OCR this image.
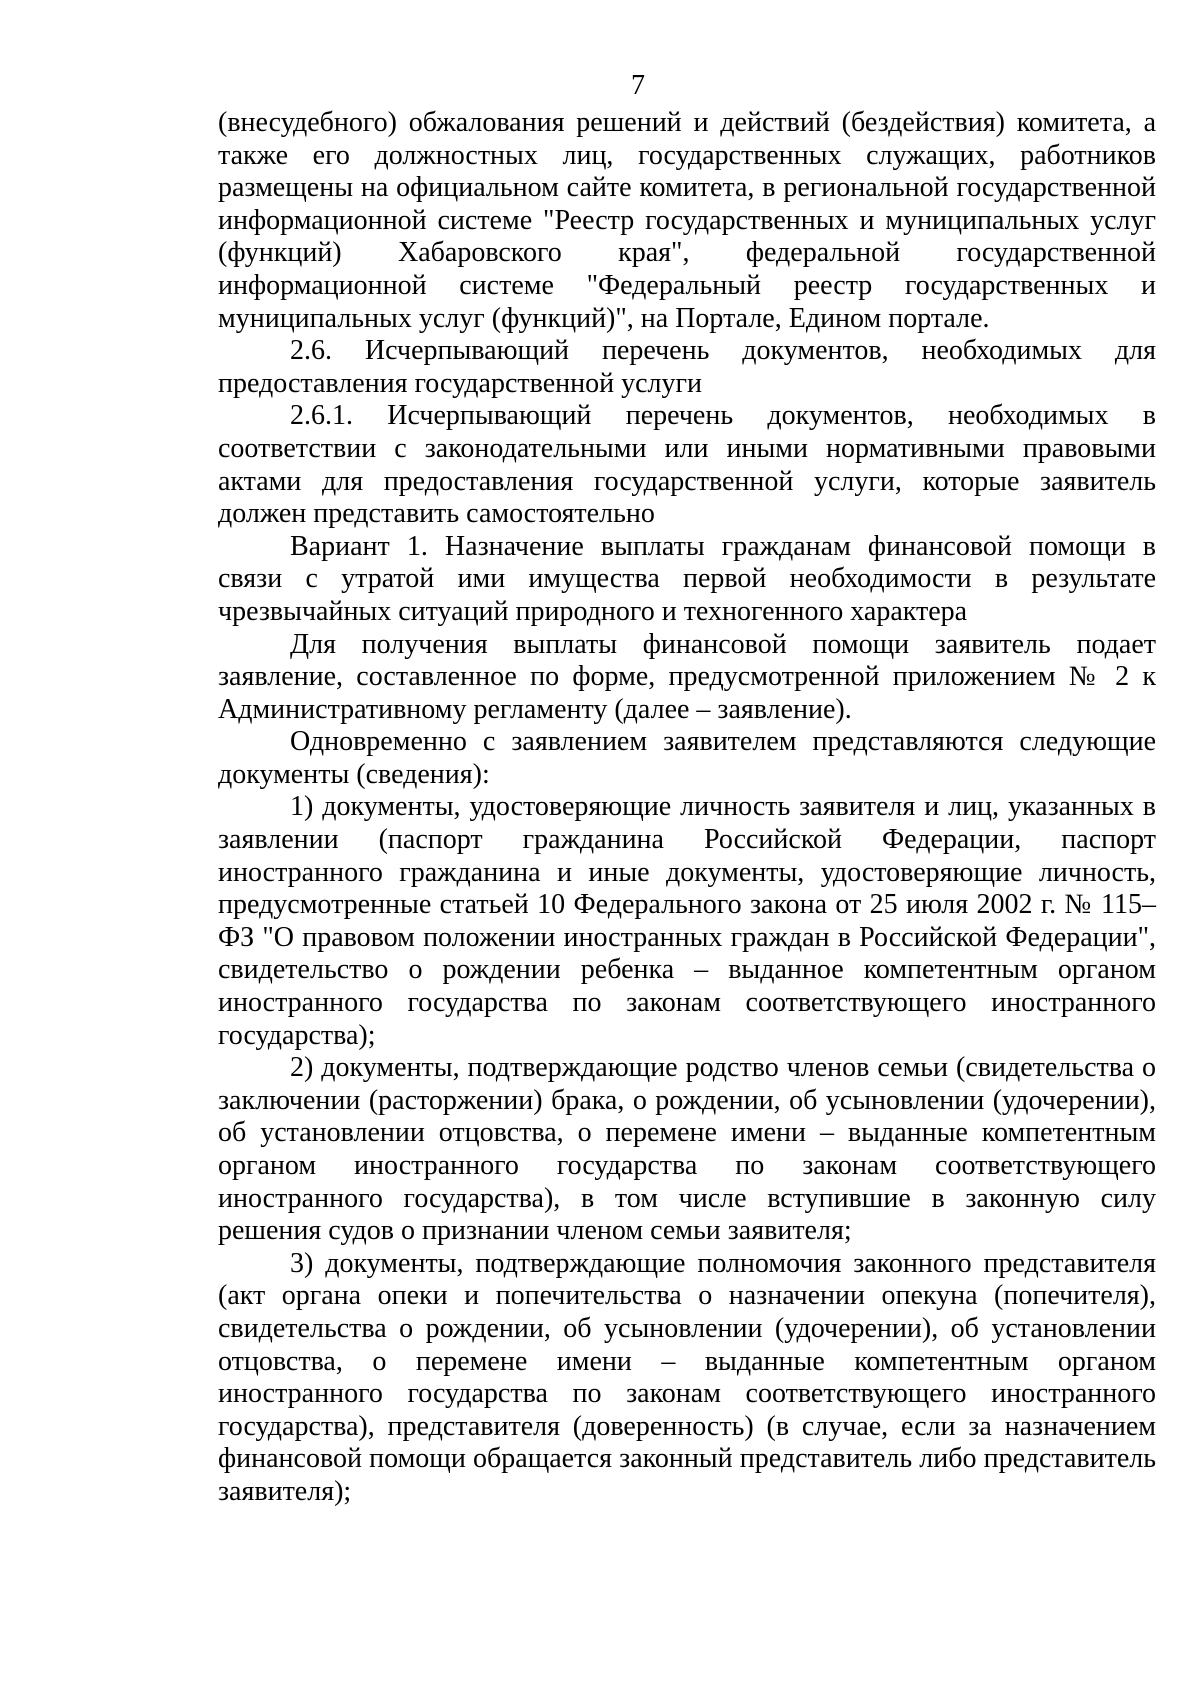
7

(внесудебного) обжалования решений и действий (бездействия) комитета, а также его должностных лиц, государственных служащих, работников размещены на официальном сайте комитета, в региональной государственной информационной системе "Реестр государственных и муниципальных услуг (функций) Хабаровского края", федеральной государственной информационной системе "Федеральный реестр государственных и муниципальных услуг (функций)", на Портале, Едином портале.

2.6. Исчерпывающий перечень документов, необходимых для предоставления государственной услуги

2.6.1. Исчерпывающий перечень документов, необходимых в соответствии с законодательными или иными нормативными правовыми актами для предоставления государственной услуги, которые заявитель должен представить самостоятельно

Вариант 1. Назначение выплаты гражданам финансовой помощи в связи с утратой ими имущества первой необходимости в результате чрезвычайных ситуаций природного и техногенного характера

Для получения выплаты финансовой помощи заявитель подает заявление, составленное по форме, предусмотренной приложением № 2 к Административному регламенту (далее – заявление).

Одновременно с заявлением заявителем представляются следующие документы (сведения):

1) документы, удостоверяющие личность заявителя и лиц, указанных в заявлении (паспорт гражданина Российской Федерации, паспорт иностранного гражданина и иные документы, удостоверяющие личность, предусмотренные статьей 10 Федерального закона от 25 июля 2002 г. № 115–ФЗ "О правовом положении иностранных граждан в Российской Федерации", свидетельство о рождении ребенка – выданное компетентным органом иностранного государства по законам соответствующего иностранного государства);

2) документы, подтверждающие родство членов семьи (свидетельства о заключении (расторжении) брака, о рождении, об усыновлении (удочерении), об установлении отцовства, о перемене имени – выданные компетентным органом иностранного государства по законам соответствующего иностранного государства), в том числе вступившие в законную силу решения судов о признании членом семьи заявителя;

3) документы, подтверждающие полномочия законного представителя (акт органа опеки и попечительства о назначении опекуна (попечителя), свидетельства о рождении, об усыновлении (удочерении), об установлении отцовства, о перемене имени – выданные компетентным органом иностранного государства по законам соответствующего иностранного государства), представителя (доверенность) (в случае, если за назначением финансовой помощи обращается законный представитель либо представитель заявителя);
